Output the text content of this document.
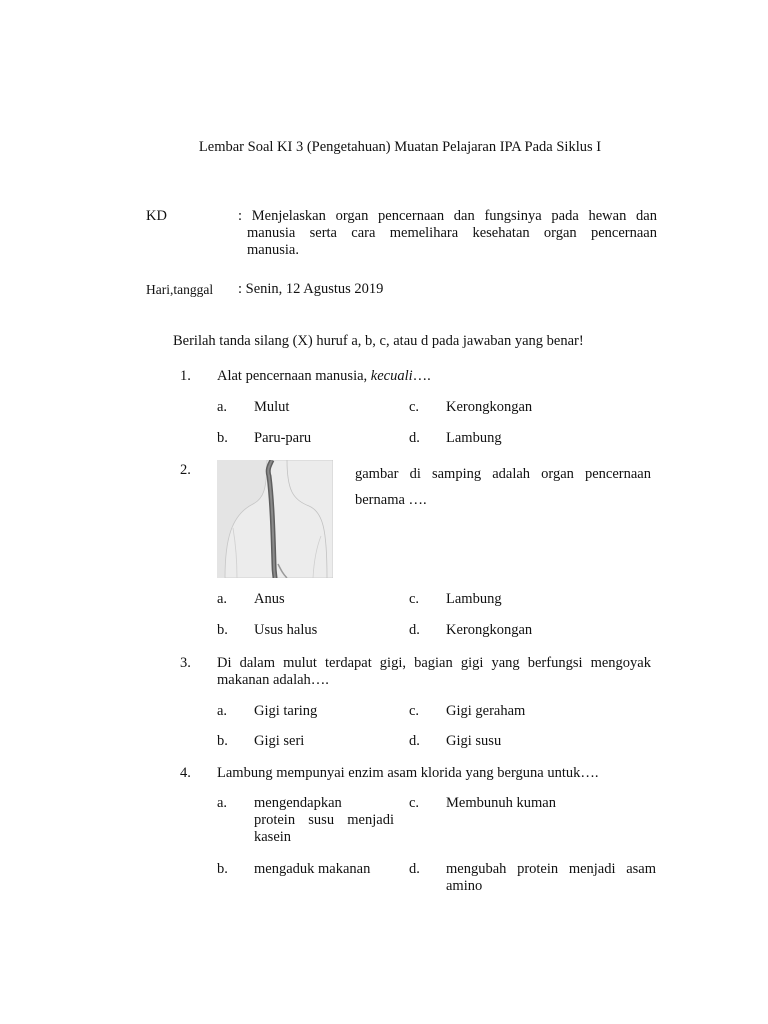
Lembar Soal KI 3 (Pengetahuan) Muatan Pelajaran IPA Pada Siklus I
KD	: Menjelaskan organ pencernaan dan fungsinya pada hewan dan
manusia serta cara memelihara kesehatan organ pencernaan
manusia.
Hari,tanggal : Senin, 12 Agustus 2019
Berilah tanda silang (X) huruf a, b, c, atau d pada jawaban yang benar!
1. Alat pencernaan manusia, kecuali….
a. Mulut	c. Kerongkongan
b. Paru-paru	d. Lambung
2.	gambar di samping adalah organ pencernaan
bernama ….
a. Anus	c. Lambung
b. Usus halus	d. Kerongkongan
3. Di dalam mulut terdapat gigi, bagian gigi yang berfungsi mengoyak
makanan adalah….
a. Gigi taring	c. Gigi geraham
b. Gigi seri	d. Gigi susu
4. Lambung mempunyai enzim asam klorida yang berguna untuk….
a. mengendapkan
protein susu menjadi
kasein
c. Membunuh kuman
b. mengaduk makanan	d. mengubah protein menjadi asam
amino
